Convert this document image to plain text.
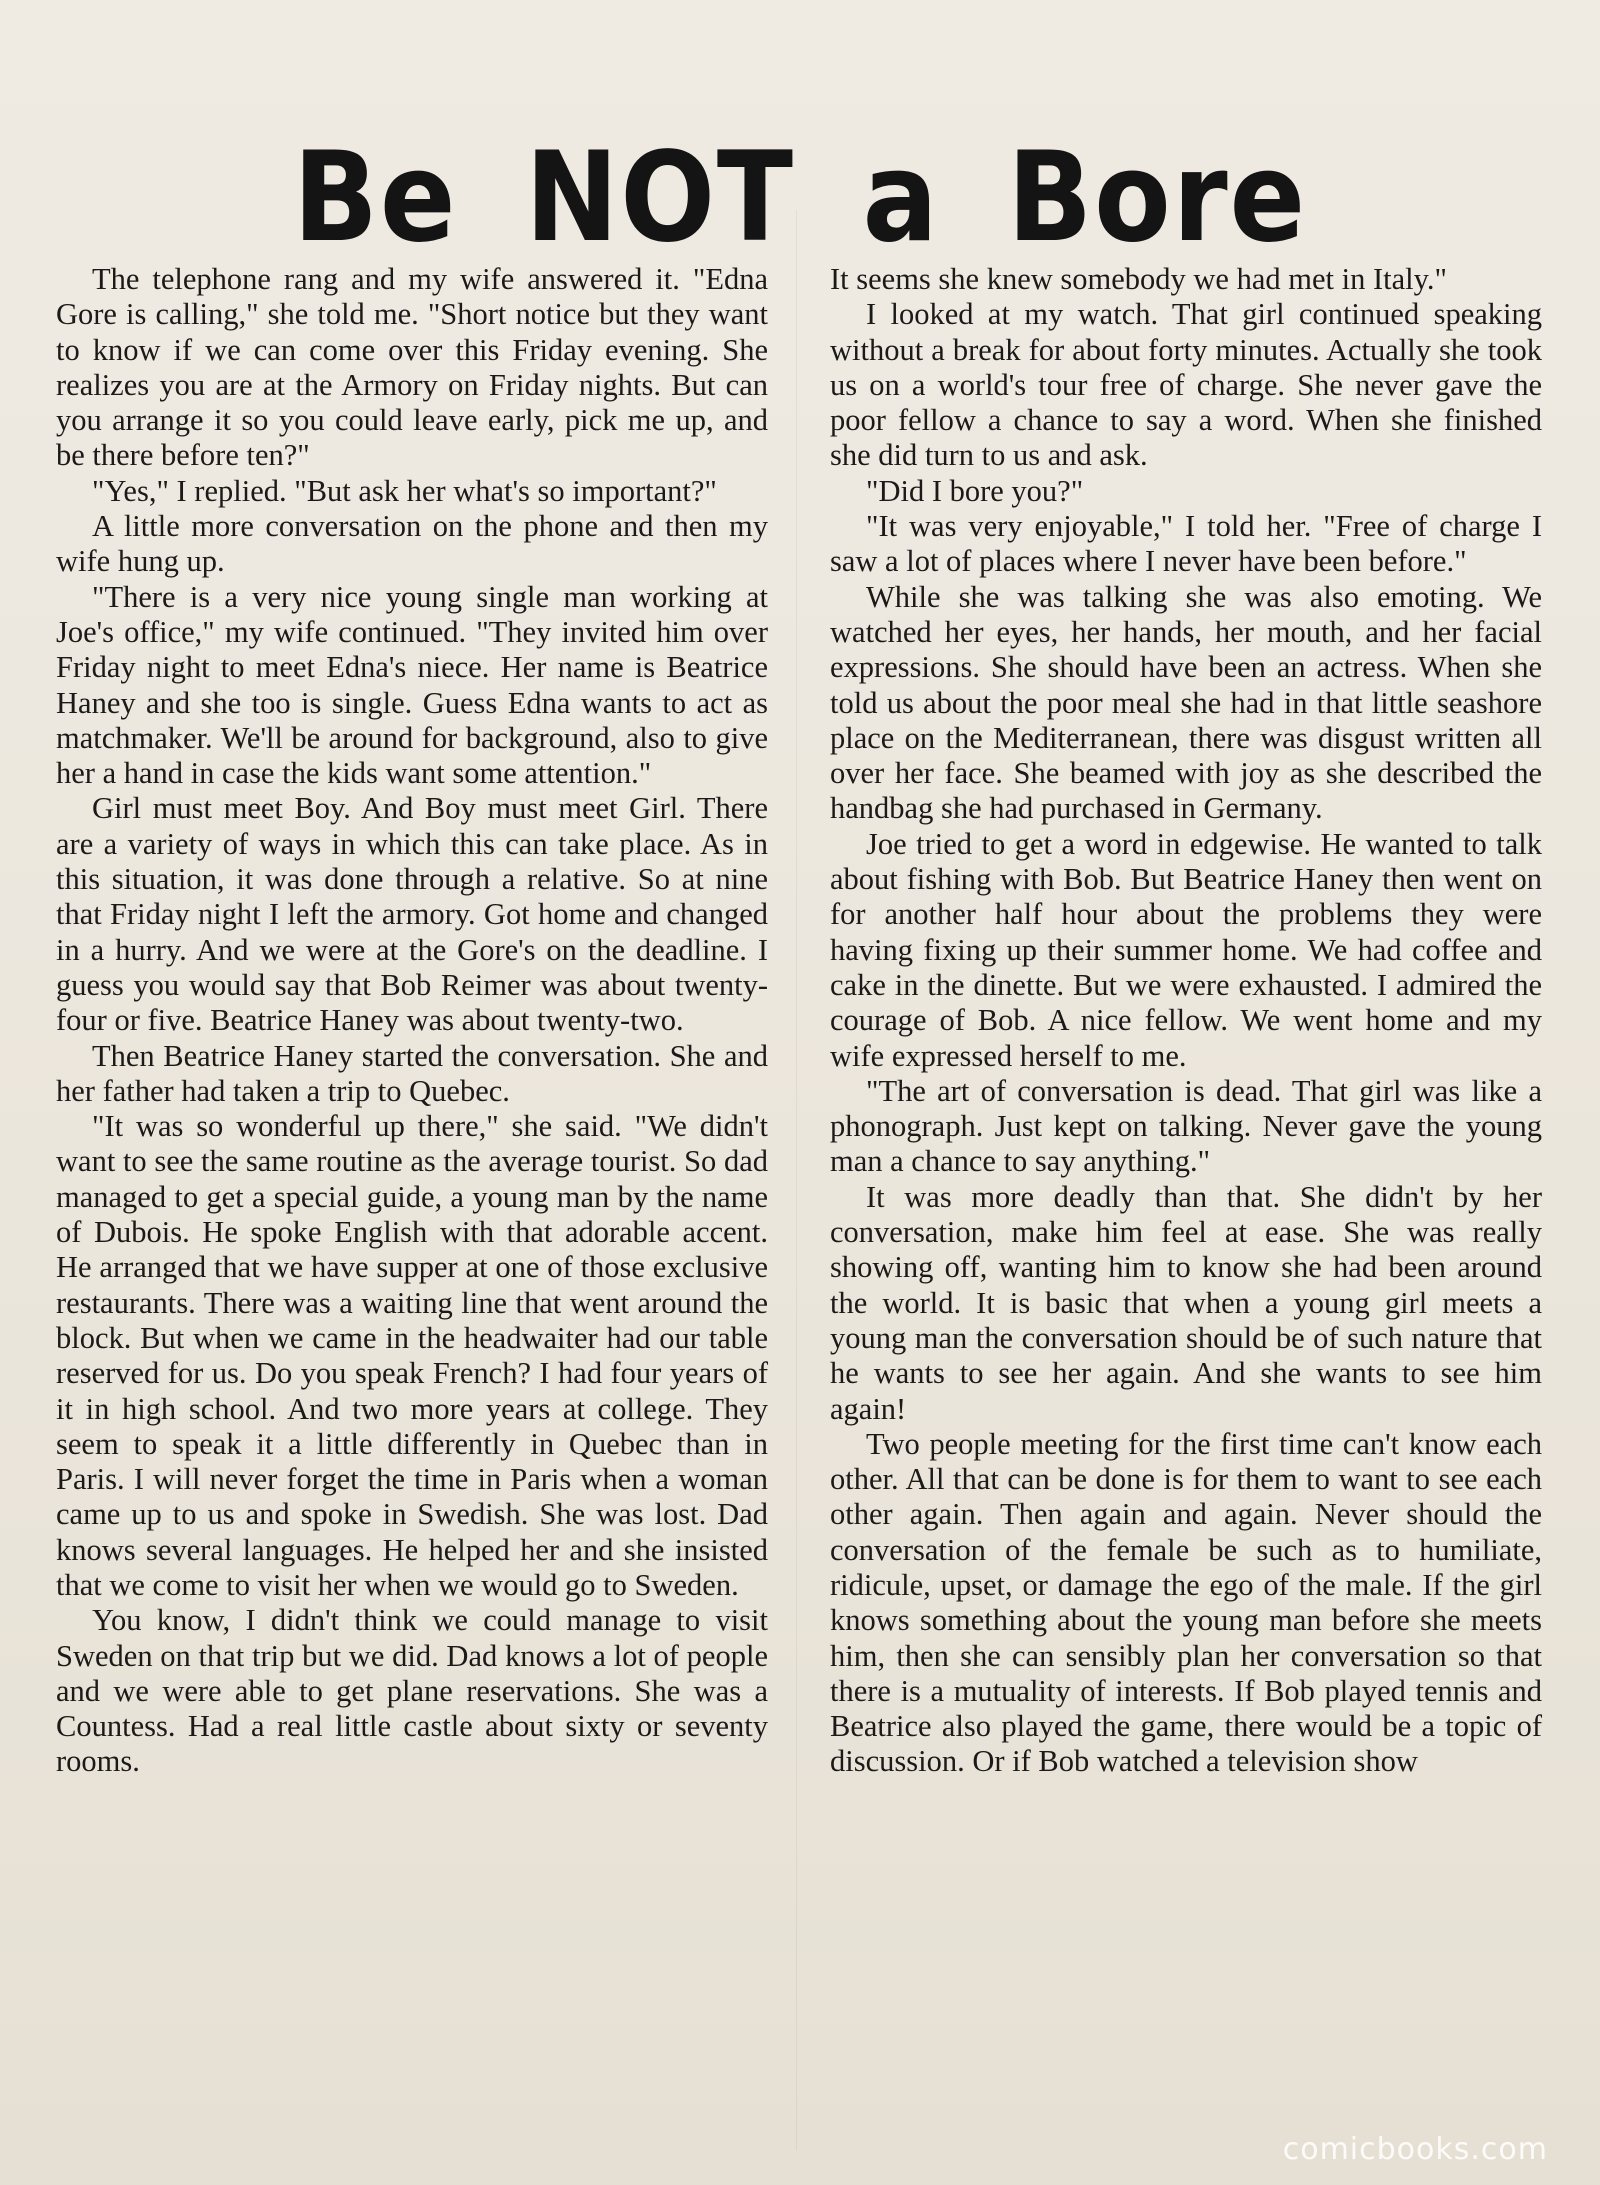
Be NOT a Bore

The telephone rang and my wife answered it. "Edna Gore is calling," she told me. "Short notice but they want to know if we can come over this Friday evening. She realizes you are at the Armory on Friday nights. But can you arrange it so you could leave early, pick me up, and be there before ten?"

"Yes," I replied. "But ask her what's so important?"

A little more conversation on the phone and then my wife hung up.

"There is a very nice young single man working at Joe's office," my wife continued. "They invited him over Friday night to meet Edna's niece. Her name is Beatrice Haney and she too is single. Guess Edna wants to act as matchmaker. We'll be around for background, also to give her a hand in case the kids want some attention."

Girl must meet Boy. And Boy must meet Girl. There are a variety of ways in which this can take place. As in this situation, it was done through a relative. So at nine that Friday night I left the armory. Got home and changed in a hurry. And we were at the Gore's on the deadline. I guess you would say that Bob Reimer was about twenty-four or five. Beatrice Haney was about twenty-two.

Then Beatrice Haney started the conversation. She and her father had taken a trip to Quebec.

"It was so wonderful up there," she said. "We didn't want to see the same routine as the average tourist. So dad managed to get a special guide, a young man by the name of Dubois. He spoke English with that adorable accent. He arranged that we have supper at one of those exclusive restaurants. There was a waiting line that went around the block. But when we came in the headwaiter had our table reserved for us. Do you speak French? I had four years of it in high school. And two more years at college. They seem to speak it a little differently in Quebec than in Paris. I will never forget the time in Paris when a woman came up to us and spoke in Swedish. She was lost. Dad knows several languages. He helped her and she insisted that we come to visit her when we would go to Sweden.

You know, I didn't think we could manage to visit Sweden on that trip but we did. Dad knows a lot of people and we were able to get plane reservations. She was a Countess. Had a real little castle about sixty or seventy rooms.

It seems she knew somebody we had met in Italy."

I looked at my watch. That girl continued speaking without a break for about forty minutes. Actually she took us on a world's tour free of charge. She never gave the poor fellow a chance to say a word. When she finished she did turn to us and ask.

"Did I bore you?"

"It was very enjoyable," I told her. "Free of charge I saw a lot of places where I never have been before."

While she was talking she was also emoting. We watched her eyes, her hands, her mouth, and her facial expressions. She should have been an actress. When she told us about the poor meal she had in that little seashore place on the Mediterranean, there was disgust written all over her face. She beamed with joy as she described the handbag she had purchased in Germany.

Joe tried to get a word in edgewise. He wanted to talk about fishing with Bob. But Beatrice Haney then went on for another half hour about the problems they were having fixing up their summer home. We had coffee and cake in the dinette. But we were exhausted. I admired the courage of Bob. A nice fellow. We went home and my wife expressed herself to me.

"The art of conversation is dead. That girl was like a phonograph. Just kept on talking. Never gave the young man a chance to say anything."

It was more deadly than that. She didn't by her conversation, make him feel at ease. She was really showing off, wanting him to know she had been around the world. It is basic that when a young girl meets a young man the conversation should be of such nature that he wants to see her again. And she wants to see him again!

Two people meeting for the first time can't know each other. All that can be done is for them to want to see each other again. Then again and again. Never should the conversation of the female be such as to humiliate, ridicule, upset, or damage the ego of the male. If the girl knows something about the young man before she meets him, then she can sensibly plan her conversation so that there is a mutuality of interests. If Bob played tennis and Beatrice also played the game, there would be a topic of discussion. Or if Bob watched a television show

comicbooks.com
